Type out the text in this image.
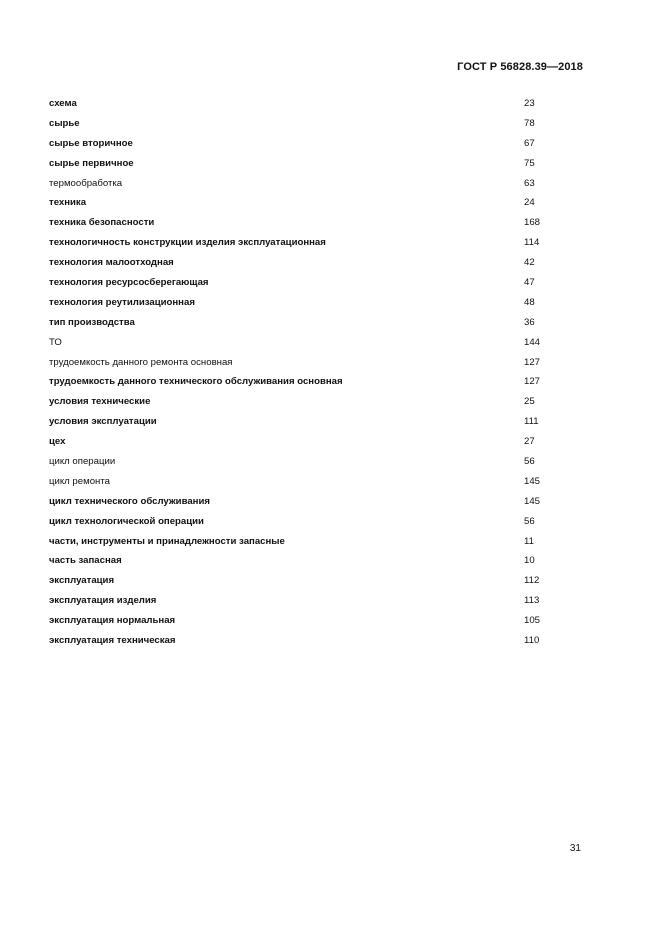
ГОСТ Р 56828.39—2018
схема	23
сырье	78
сырье вторичное	67
сырье первичное	75
термообработка	63
техника	24
техника безопасности	168
технологичность конструкции изделия эксплуатационная	114
технология малоотходная	42
технология ресурсосберегающая	47
технология реутилизационная	48
тип производства	36
ТО	144
трудоемкость данного ремонта основная	127
трудоемкость данного технического обслуживания основная	127
условия технические	25
условия эксплуатации	111
цех	27
цикл операции	56
цикл ремонта	145
цикл технического обслуживания	145
цикл технологической операции	56
части, инструменты и принадлежности запасные	11
часть запасная	10
эксплуатация	112
эксплуатация изделия	113
эксплуатация нормальная	105
эксплуатация техническая	110
31
